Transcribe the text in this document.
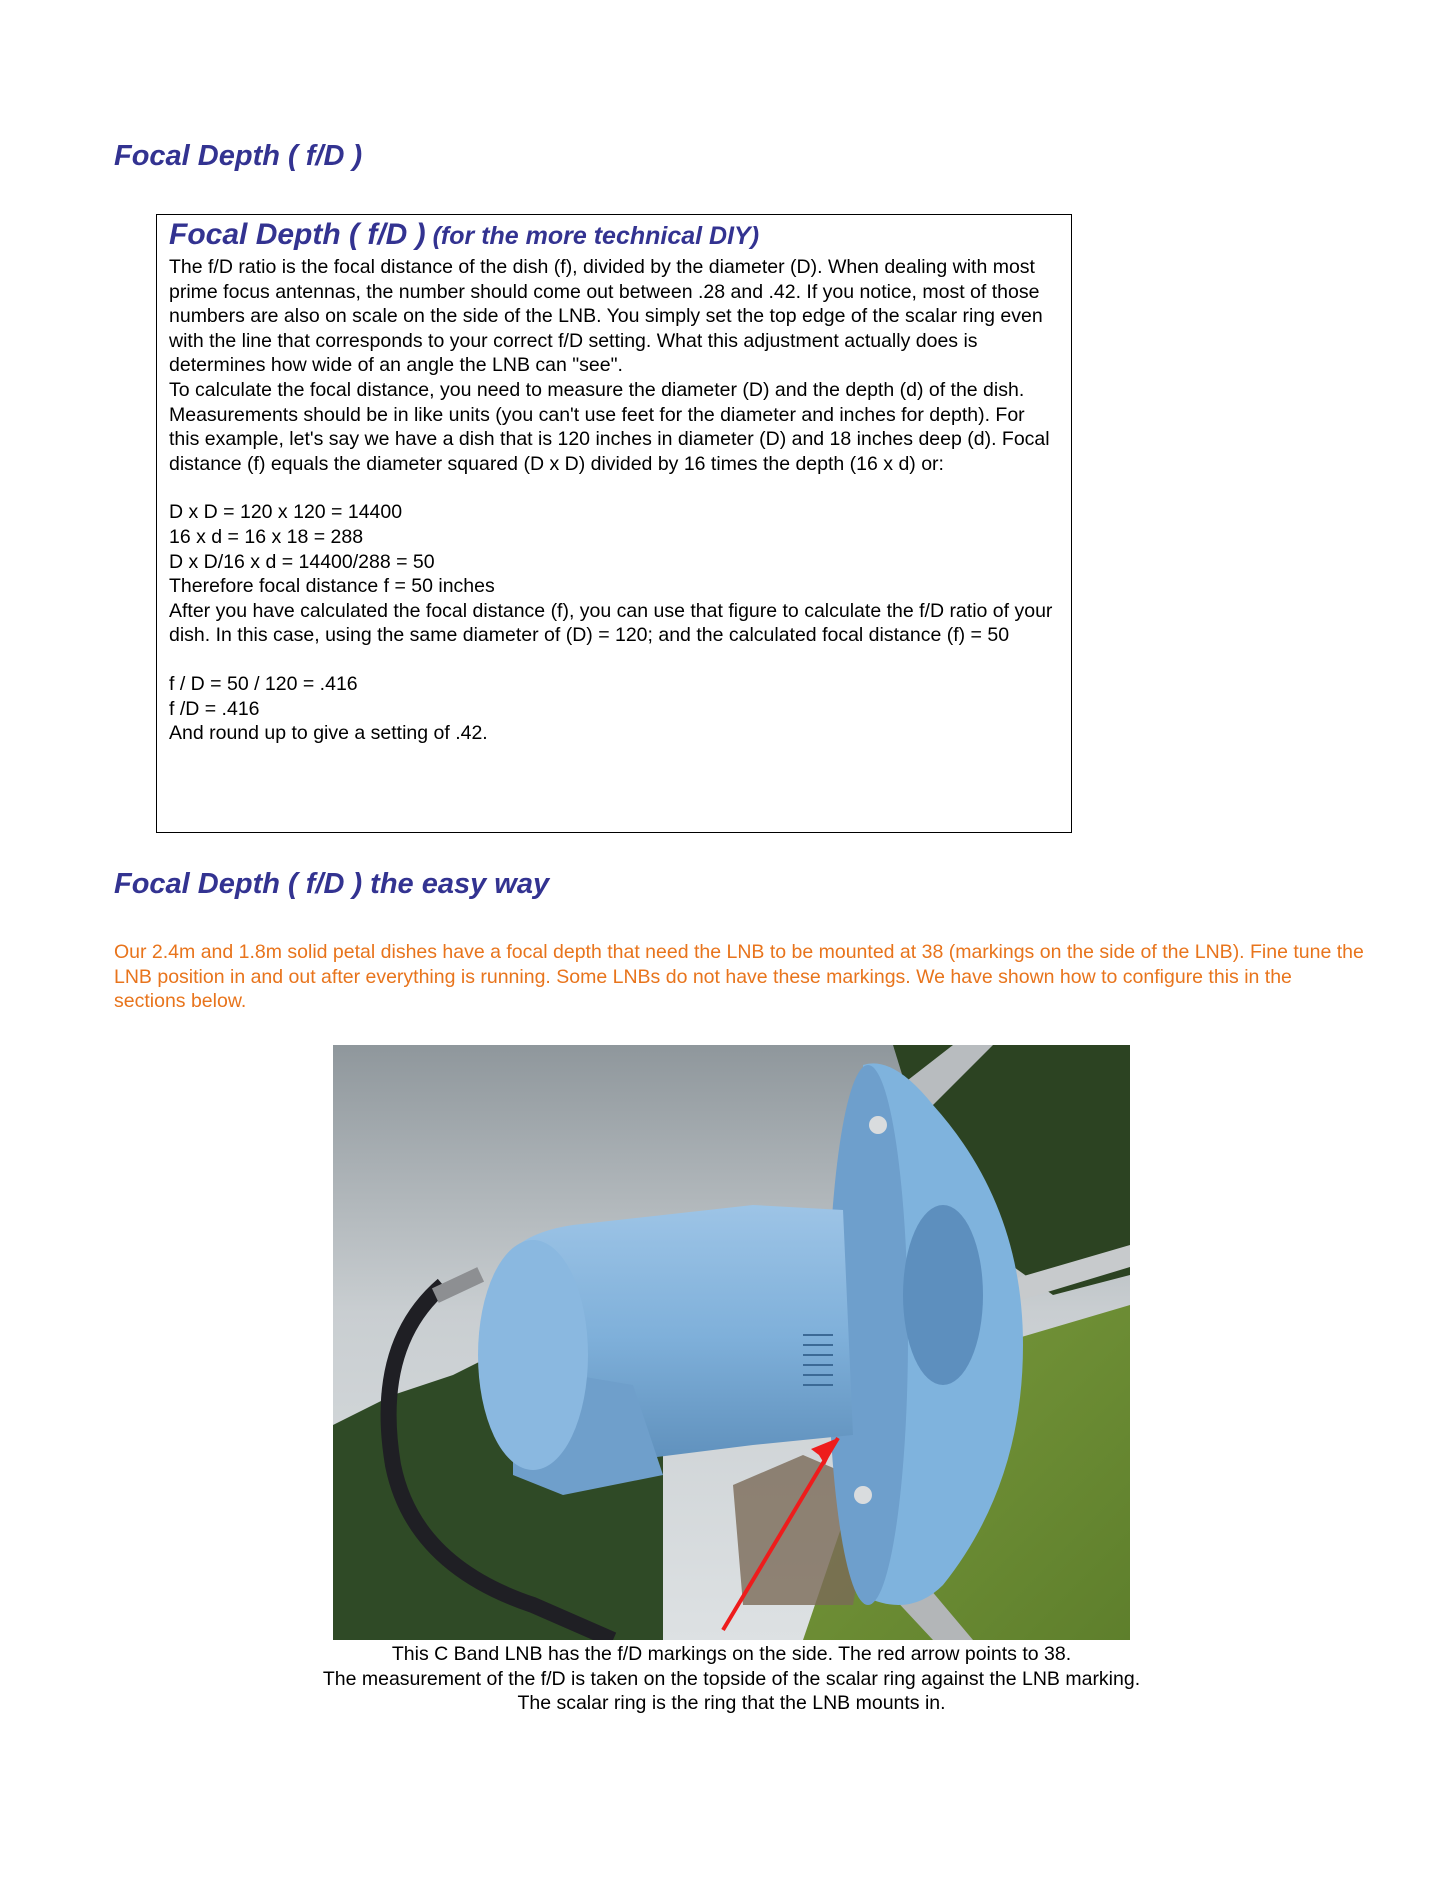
Focal Depth ( f/D )
Focal Depth ( f/D ) (for the more technical DIY)

The f/D ratio is the focal distance of the dish (f), divided by the diameter (D). When dealing with most prime focus antennas, the number should come out between .28 and .42. If you notice, most of those numbers are also on scale on the side of the LNB. You simply set the top edge of the scalar ring even with the line that corresponds to your correct f/D setting. What this adjustment actually does is determines how wide of an angle the LNB can "see".

To calculate the focal distance, you need to measure the diameter (D) and the depth (d) of the dish. Measurements should be in like units (you can't use feet for the diameter and inches for depth). For this example, let's say we have a dish that is 120 inches in diameter (D) and 18 inches deep (d). Focal distance (f) equals the diameter squared (D x D) divided by 16 times the depth (16 x d) or:

D x D = 120 x 120 = 14400

16 x d = 16 x 18 = 288

D x D/16 x d = 14400/288 = 50

Therefore focal distance f = 50 inches

After you have calculated the focal distance (f), you can use that figure to calculate the f/D ratio of your dish. In this case, using the same diameter of (D) = 120; and the calculated focal distance (f) = 50

f / D = 50 / 120 = .416

f /D = .416

And round up to give a setting of .42.

Focal Depth ( f/D ) the easy way

Our 2.4m and 1.8m solid petal dishes have a focal depth that need the LNB to be mounted at 38 (markings on the side of the LNB). Fine tune the LNB position in and out after everything is running. Some LNBs do not have these markings. We have shown how to configure this in the sections below.

This C Band LNB has the f/D markings on the side. The red arrow points to 38.
The measurement of the f/D is taken on the topside of the scalar ring against the LNB marking.
The scalar ring is the ring that the LNB mounts in.
